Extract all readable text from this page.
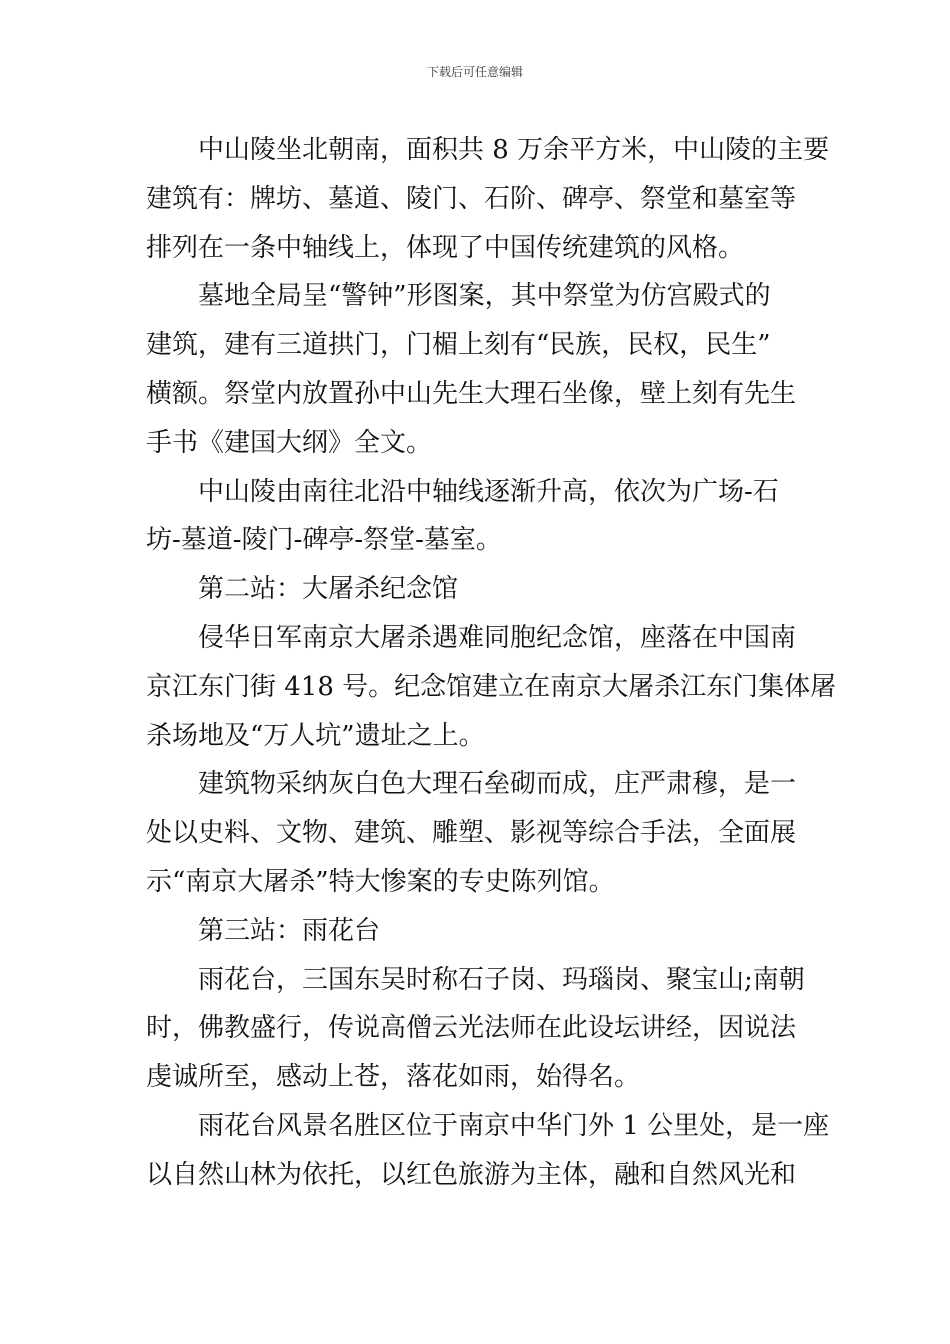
下载后可任意编辑

中山陵坐北朝南，面积共 8 万余平方米，中山陵的主要
建筑有：牌坊、墓道、陵门、石阶、碑亭、祭堂和墓室等
排列在一条中轴线上，体现了中国传统建筑的风格。

墓地全局呈“警钟”形图案，其中祭堂为仿宫殿式的
建筑，建有三道拱门，门楣上刻有“民族，民权，民生”
横额。祭堂内放置孙中山先生大理石坐像，壁上刻有先生
手书《建国大纲》全文。

中山陵由南往北沿中轴线逐渐升高，依次为广场-石
坊-墓道-陵门-碑亭-祭堂-墓室。

第二站：大屠杀纪念馆

侵华日军南京大屠杀遇难同胞纪念馆，座落在中国南
京江东门街 418 号。纪念馆建立在南京大屠杀江东门集体屠
杀场地及“万人坑”遗址之上。

建筑物采纳灰白色大理石垒砌而成，庄严肃穆，是一
处以史料、文物、建筑、雕塑、影视等综合手法，全面展
示“南京大屠杀”特大惨案的专史陈列馆。

第三站：雨花台

雨花台，三国东吴时称石子岗、玛瑙岗、聚宝山;南朝
时，佛教盛行，传说高僧云光法师在此设坛讲经，因说法
虔诚所至，感动上苍，落花如雨，始得名。

雨花台风景名胜区位于南京中华门外 1 公里处，是一座
以自然山林为依托，以红色旅游为主体，融和自然风光和
